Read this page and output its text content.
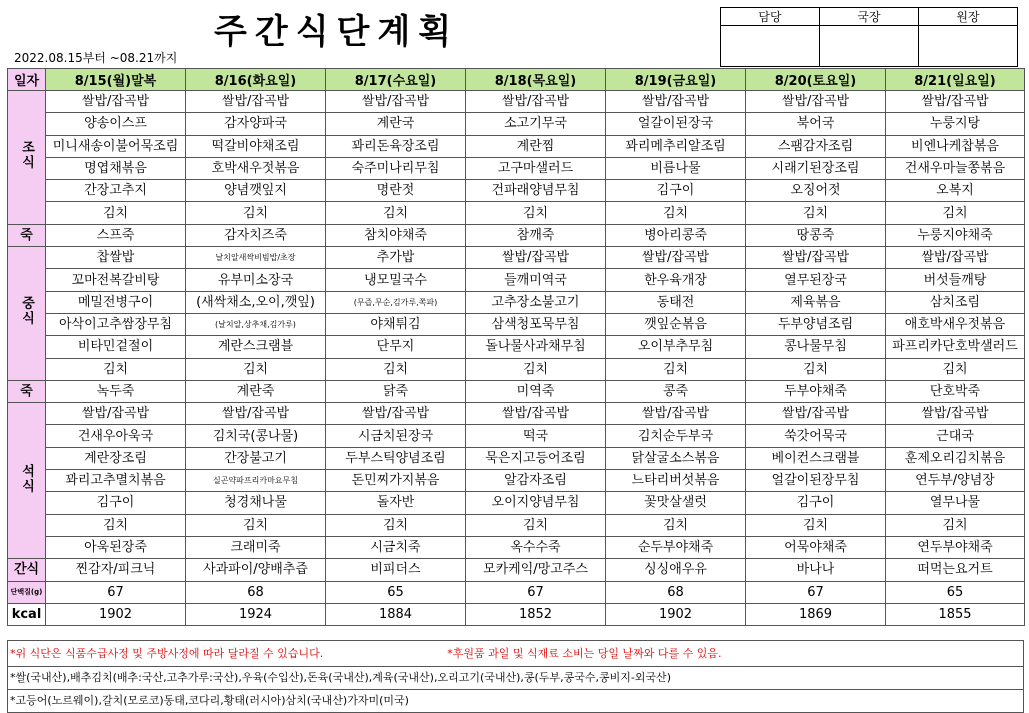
주간식단계획	담당	국장	원장

2022.08.15부터 ~08.21까지
일자	8/15(월)말복	8/16(화요일)	8/17(수요일)	8/18(목요일)	8/19(금요일)	8/20(토요일)	8/21(일요일)
조식	쌀밥/잡곡밥	쌀밥/잡곡밥	쌀밥/잡곡밥	쌀밥/잡곡밥	쌀밥/잡곡밥	쌀밥/잡곡밥	쌀밥/잡곡밥
	양송이스프	감자양파국	계란국	소고기무국	얼갈이된장국	북어국	누룽지탕
	미니새송이불어묵조림	떡갈비야채조림	꽈리돈육장조림	계란찜	꽈리메추리알조림	스팸감자조림	비엔나케찹볶음
	명엽채볶음	호박새우젓볶음	숙주미나리무침	고구마샐러드	비름나물	시래기된장조림	건새우마늘쫑볶음
	간장고추지	양념깻잎지	명란젓	건파래양념무침	김구이	오징어젓	오복지
	김치	김치	김치	김치	김치	김치	김치
죽	스프죽	감자치즈죽	참치야채죽	참깨죽	병아리콩죽	땅콩죽	누룽지야채죽
중식	찹쌀밥	날치알새싹비빔밥/초장	추가밥	쌀밥/잡곡밥	쌀밥/잡곡밥	쌀밥/잡곡밥	쌀밥/잡곡밥
	꼬마전복갈비탕	유부미소장국	냉모밀국수	들깨미역국	한우육개장	열무된장국	버섯들깨탕
	메밀전병구이	(새싹채소,오이,깻잎)	(무즙,무순,김가루,쪽파)	고추장소불고기	동태전	제육볶음	삼치조림
	아삭이고추쌈장무침	(날치알,상추채,김가루)	야채튀김	삼색청포묵무침	깻잎순볶음	두부양념조림	애호박새우젓볶음
	비타민겉절이	계란스크램블	단무지	돌나물사과채무침	오이부추무침	콩나물무침	파프리카단호박샐러드
	김치	김치	김치	김치	김치	김치	김치
죽	녹두죽	계란죽	닭죽	미역죽	콩죽	두부야채죽	단호박죽
석식	쌀밥/잡곡밥	쌀밥/잡곡밥	쌀밥/잡곡밥	쌀밥/잡곡밥	쌀밥/잡곡밥	쌀밥/잡곡밥	쌀밥/잡곡밥
	건새우아욱국	김치국(콩나물)	시금치된장국	떡국	김치순두부국	쑥갓어묵국	근대국
	계란장조림	간장불고기	두부스틱양념조림	묵은지고등어조림	닭살굴소스볶음	베이컨스크램블	훈제오리김치볶음
	꽈리고추멸치볶음	실곤약파프리카마요무침	돈민찌가지볶음	알감자조림	느타리버섯볶음	얼갈이된장무침	연두부/양념장
	김구이	청경채나물	돌자반	오이지양념무침	꽃맛살샐럿	김구이	열무나물
	김치	김치	김치	김치	김치	김치	김치
	아욱된장죽	크래미죽	시금치죽	옥수수죽	순두부야채죽	어묵야채죽	연두부야채죽
간식	찐감자/피크닉	사과파이/양배추즙	비피더스	모카케익/망고주스	싱싱애우유	바나나	떠먹는요거트
단백질(g)	67	68	65	67	68	67	65
kcal	1902	1924	1884	1852	1902	1869	1855
*위 식단은 식품수급사정 및 주방사정에 따라 달라질 수 있습니다.	*후원품 과일 및 식재료 소비는 당일 날짜와 다를 수 있음.
*쌀(국내산),배추김치(배추:국산,고추가루:국산),우육(수입산),돈육(국내산),계육(국내산),오리고기(국내산),콩(두부,콩국수,콩비지-외국산)
*고등어(노르웨이),갈치(모로코)동태,코다리,황태(러시아)삼치(국내산)가자미(미국)
